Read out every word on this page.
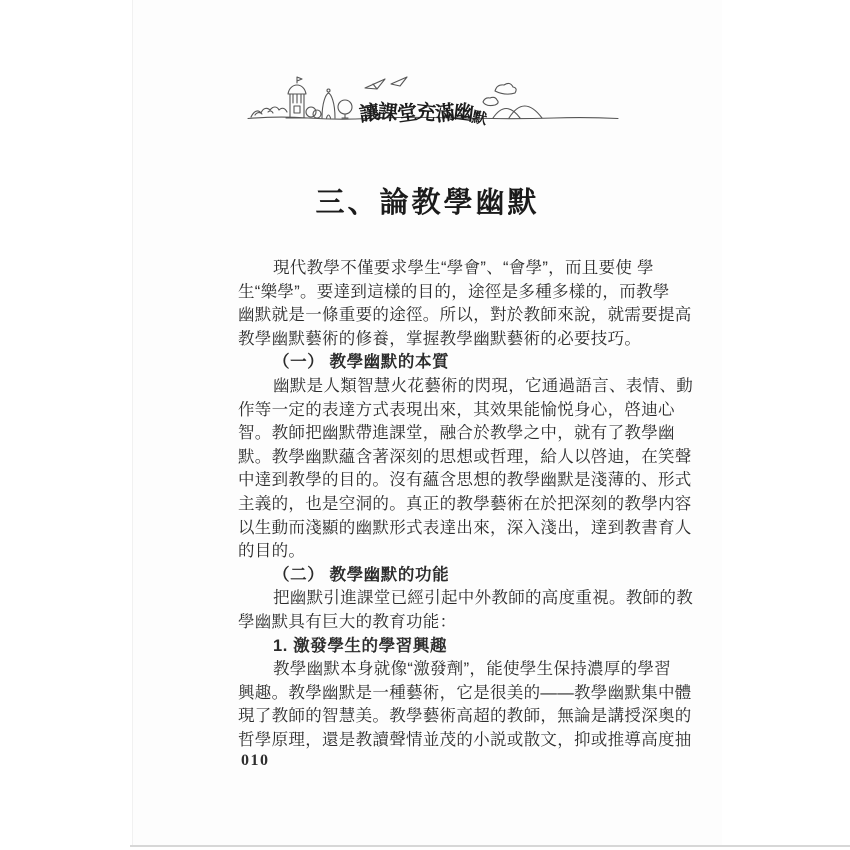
讓課堂充滿幽默
三、論教學幽默
現代教學不僅要求學生“學會”、“會學”，而且要使 學
生“樂學”。要達到這樣的目的，途徑是多種多樣的，而教學
幽默就是一條重要的途徑。所以，對於教師來說，就需要提高
教學幽默藝術的修養，掌握教學幽默藝術的必要技巧。
（一） 教學幽默的本質
幽默是人類智慧火花藝術的閃現，它通過語言、表情、動
作等一定的表達方式表現出來，其效果能愉悦身心，啓迪心
智。教師把幽默帶進課堂，融合於教學之中，就有了教學幽
默。教學幽默蘊含著深刻的思想或哲理，給人以啓迪，在笑聲
中達到教學的目的。沒有蘊含思想的教學幽默是淺薄的、形式
主義的，也是空洞的。真正的教學藝術在於把深刻的教學内容
以生動而淺顯的幽默形式表達出來，深入淺出，達到教書育人
的目的。
（二） 教學幽默的功能
把幽默引進課堂已經引起中外教師的高度重視。教師的教
學幽默具有巨大的教育功能：
1. 激發學生的學習興趣
教學幽默本身就像“激發劑”，能使學生保持濃厚的學習
興趣。教學幽默是一種藝術，它是很美的——教學幽默集中體
現了教師的智慧美。教學藝術高超的教師，無論是講授深奥的
哲學原理，還是教讀聲情並茂的小説或散文，抑或推導高度抽
010
